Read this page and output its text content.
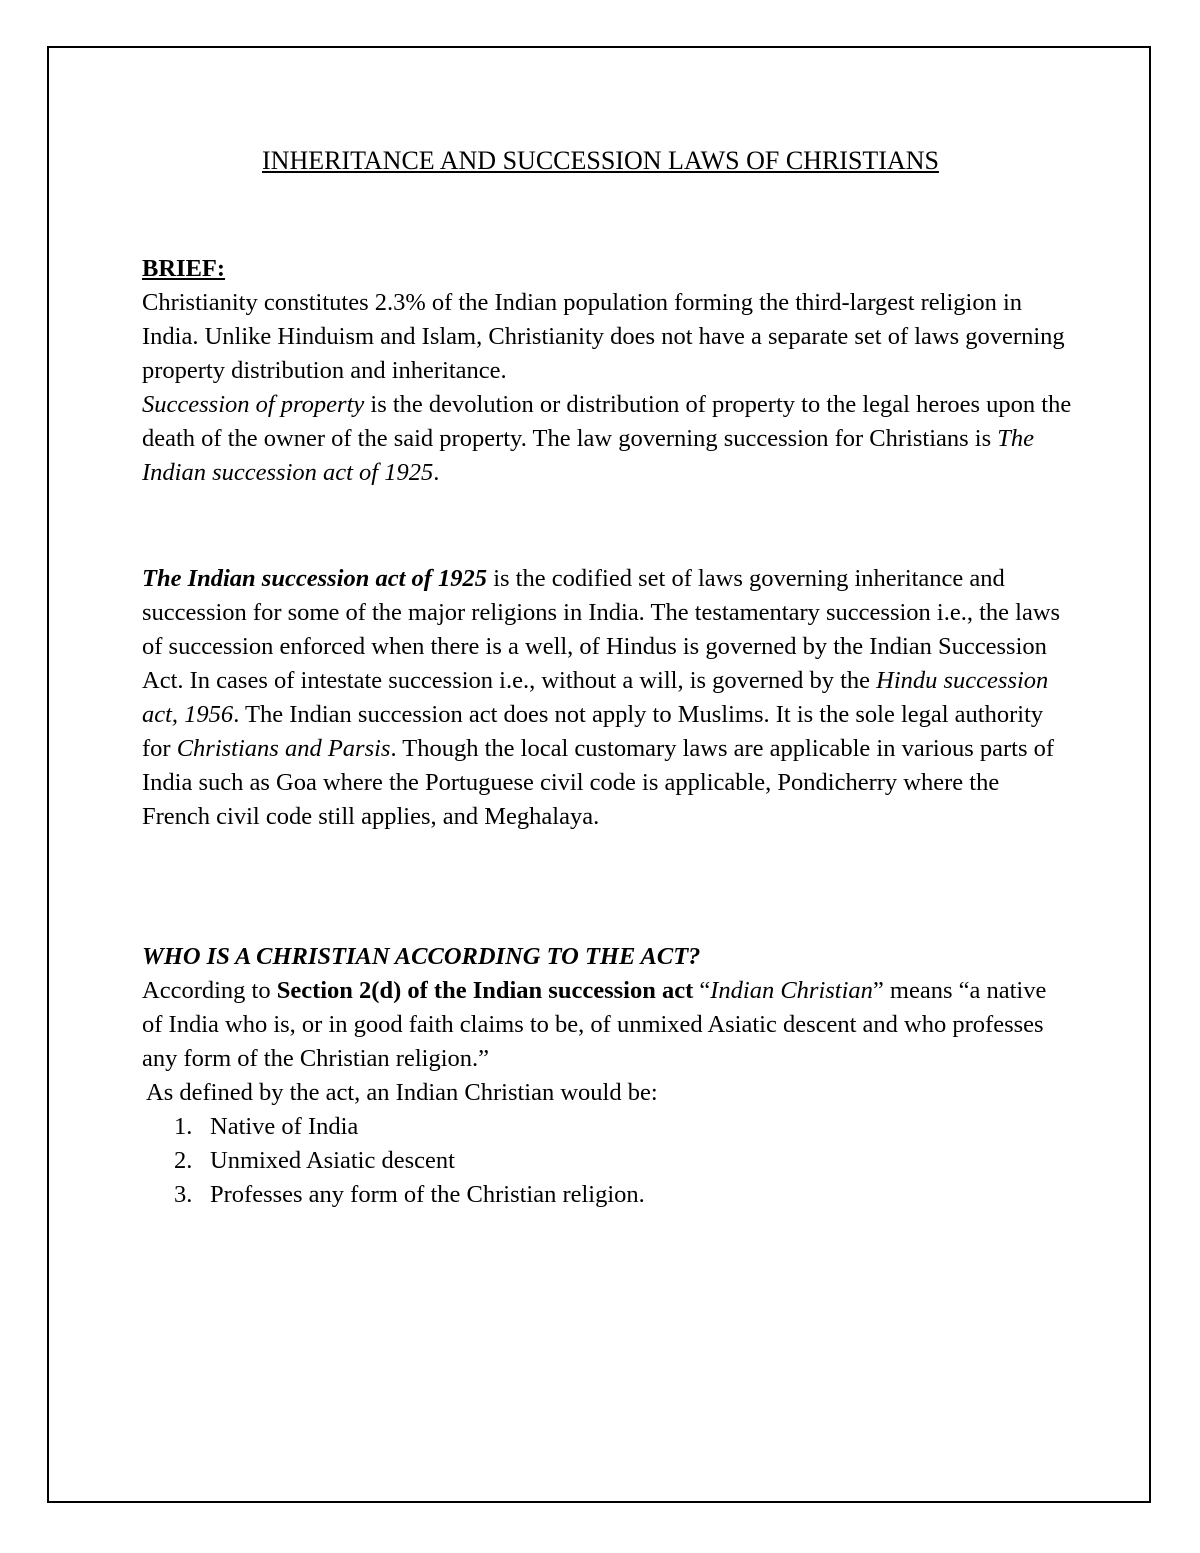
INHERITANCE AND SUCCESSION LAWS OF CHRISTIANS
BRIEF:

Christianity constitutes 2.3% of the Indian population forming the third-largest religion in India. Unlike Hinduism and Islam, Christianity does not have a separate set of laws governing property distribution and inheritance.

Succession of property is the devolution or distribution of property to the legal heroes upon the death of the owner of the said property. The law governing succession for Christians is The Indian succession act of 1925.

The Indian succession act of 1925 is the codified set of laws governing inheritance and succession for some of the major religions in India. The testamentary succession i.e., the laws of succession enforced when there is a well, of Hindus is governed by the Indian Succession Act. In cases of intestate succession i.e., without a will, is governed by the Hindu succession act, 1956. The Indian succession act does not apply to Muslims. It is the sole legal authority for Christians and Parsis. Though the local customary laws are applicable in various parts of India such as Goa where the Portuguese civil code is applicable, Pondicherry where the French civil code still applies, and Meghalaya.

WHO IS A CHRISTIAN ACCORDING TO THE ACT?

According to Section 2(d) of the Indian succession act “Indian Christian” means “a native of India who is, or in good faith claims to be, of unmixed Asiatic descent and who professes any form of the Christian religion.”

As defined by the act, an Indian Christian would be:

1. Native of India
2. Unmixed Asiatic descent
3. Professes any form of the Christian religion.
